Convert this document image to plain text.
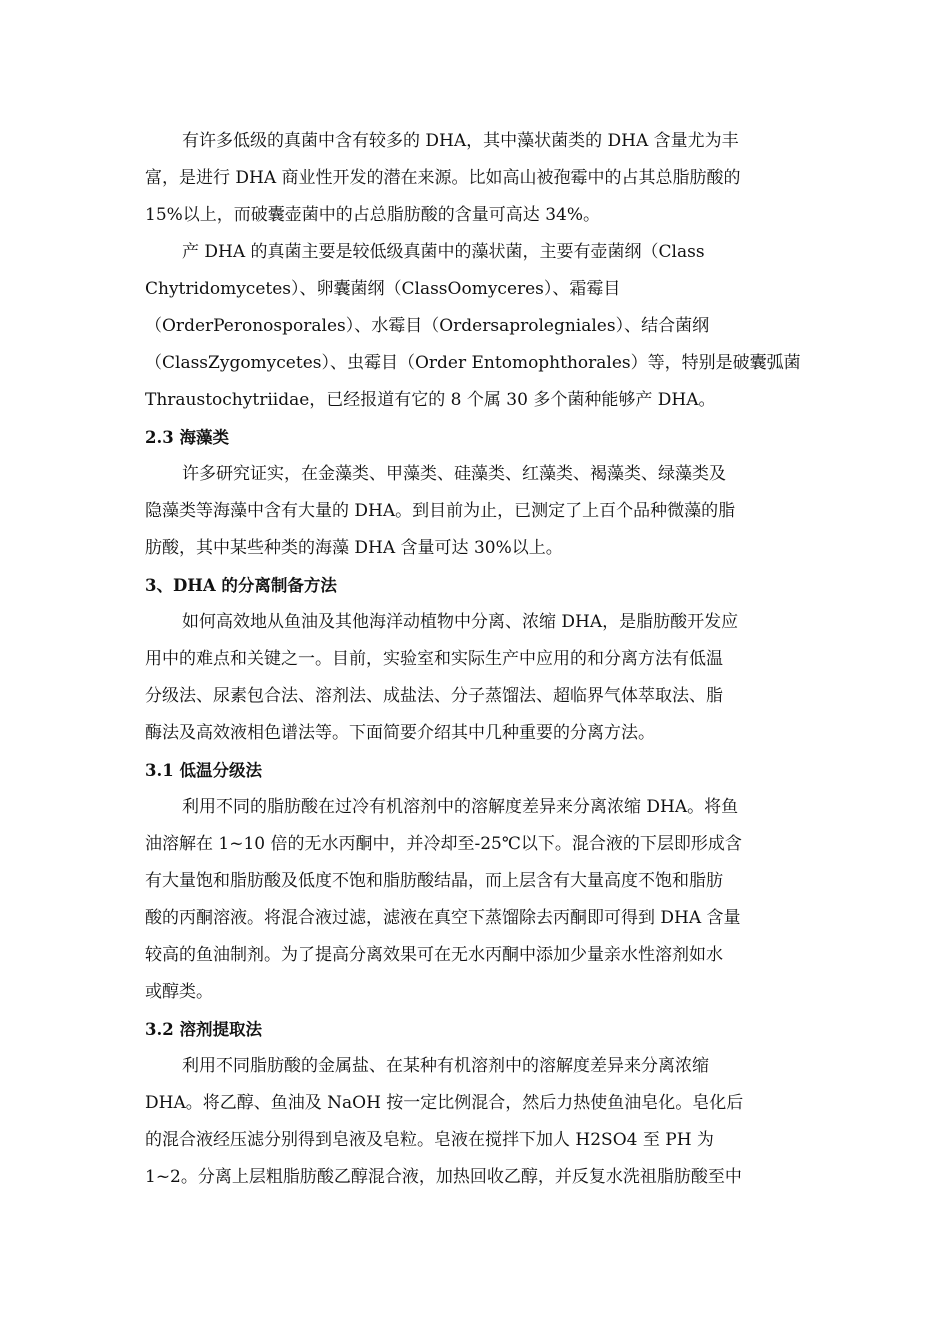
有许多低级的真菌中含有较多的 DHA，其中藻状菌类的 DHA 含量尤为丰
富，是进行 DHA 商业性开发的潜在来源。比如高山被孢霉中的占其总脂肪酸的
15%以上，而破囊壶菌中的占总脂肪酸的含量可高达 34%。
产 DHA 的真菌主要是较低级真菌中的藻状菌，主要有壶菌纲（Class
Chytridomycetes）、卵囊菌纲（ClassOomyceres）、霜霉目
（OrderPeronosporales）、水霉目（Ordersaprolegniales）、结合菌纲
（ClassZygomycetes）、虫霉目（Order Entomophthorales）等，特别是破囊弧菌
Thraustochytriidae，已经报道有它的 8 个属 30 多个菌种能够产 DHA。
2.3 海藻类
许多研究证实，在金藻类、甲藻类、硅藻类、红藻类、褐藻类、绿藻类及
隐藻类等海藻中含有大量的 DHA。到目前为止，已测定了上百个品种微藻的脂
肪酸，其中某些种类的海藻 DHA 含量可达 30%以上。
3、DHA 的分离制备方法
如何高效地从鱼油及其他海洋动植物中分离、浓缩 DHA，是脂肪酸开发应
用中的难点和关键之一。目前，实验室和实际生产中应用的和分离方法有低温
分级法、尿素包合法、溶剂法、成盐法、分子蒸馏法、超临界气体萃取法、脂
酶法及高效液相色谱法等。下面简要介绍其中几种重要的分离方法。
3.1 低温分级法
利用不同的脂肪酸在过冷有机溶剂中的溶解度差异来分离浓缩 DHA。将鱼
油溶解在 1~10 倍的无水丙酮中，并冷却至-25℃以下。混合液的下层即形成含
有大量饱和脂肪酸及低度不饱和脂肪酸结晶，而上层含有大量高度不饱和脂肪
酸的丙酮溶液。将混合液过滤，滤液在真空下蒸馏除去丙酮即可得到 DHA 含量
较高的鱼油制剂。为了提高分离效果可在无水丙酮中添加少量亲水性溶剂如水
或醇类。
3.2 溶剂提取法
利用不同脂肪酸的金属盐、在某种有机溶剂中的溶解度差异来分离浓缩
DHA。将乙醇、鱼油及 NaOH 按一定比例混合，然后力热使鱼油皂化。皂化后
的混合液经压滤分别得到皂液及皂粒。皂液在搅拌下加人 H2SO4 至 PH 为
1~2。分离上层粗脂肪酸乙醇混合液，加热回收乙醇，并反复水洗祖脂肪酸至中
